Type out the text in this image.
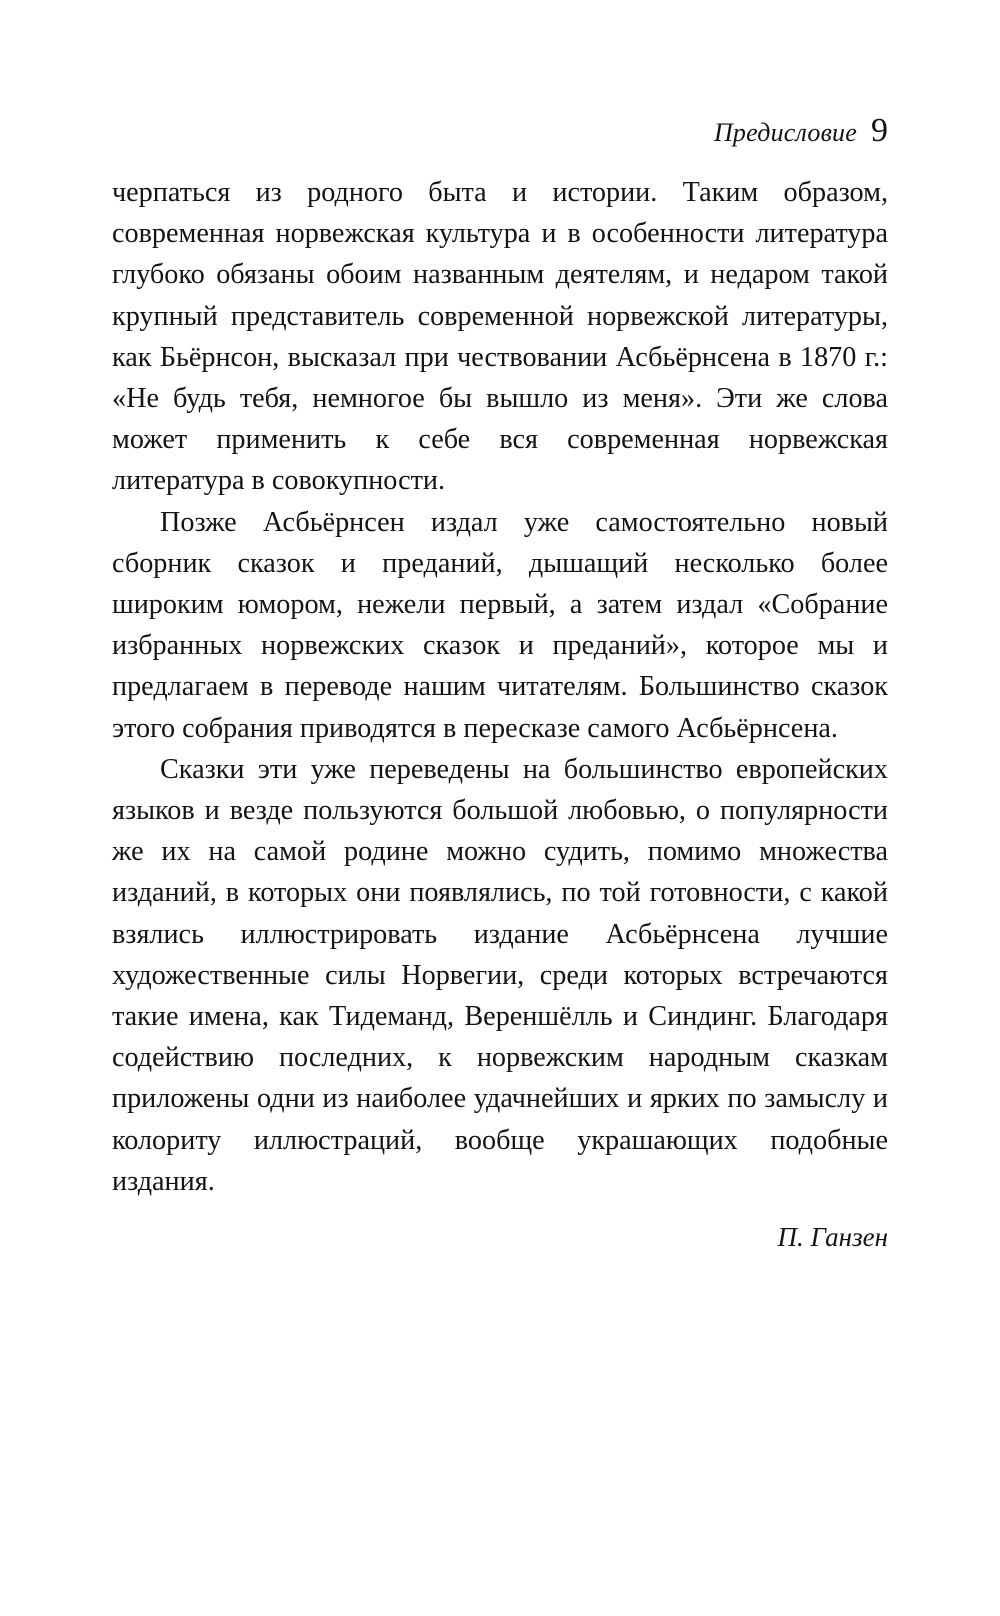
Предисловие 9

черпаться из родного быта и истории. Таким образом, современная норвежская культура и в особенности литература глубоко обязаны обоим названным деятелям, и недаром такой крупный представитель современной норвежской литературы, как Бьёрнсон, высказал при чествовании Асбьёрнсена в 1870 г.: «Не будь тебя, немногое бы вышло из меня». Эти же слова может применить к себе вся современная норвежская литература в совокупности.

Позже Асбьёрнсен издал уже самостоятельно новый сборник сказок и преданий, дышащий несколько более широким юмором, нежели первый, а затем издал «Собрание избранных норвежских сказок и преданий», которое мы и предлагаем в переводе нашим читателям. Большинство сказок этого собрания приводятся в пересказе самого Асбьёрнсена.

Сказки эти уже переведены на большинство европейских языков и везде пользуются большой любовью, о популярности же их на самой родине можно судить, помимо множества изданий, в которых они появлялись, по той готовности, с какой взялись иллюстрировать издание Асбьёрнсена лучшие художественные силы Норвегии, среди которых встречаются такие имена, как Тидеманд, Вереншёлль и Синдинг. Благодаря содействию последних, к норвежским народным сказкам приложены одни из наиболее удачнейших и ярких по замыслу и колориту иллюстраций, вообще украшающих подобные издания.

П. Ганзен
